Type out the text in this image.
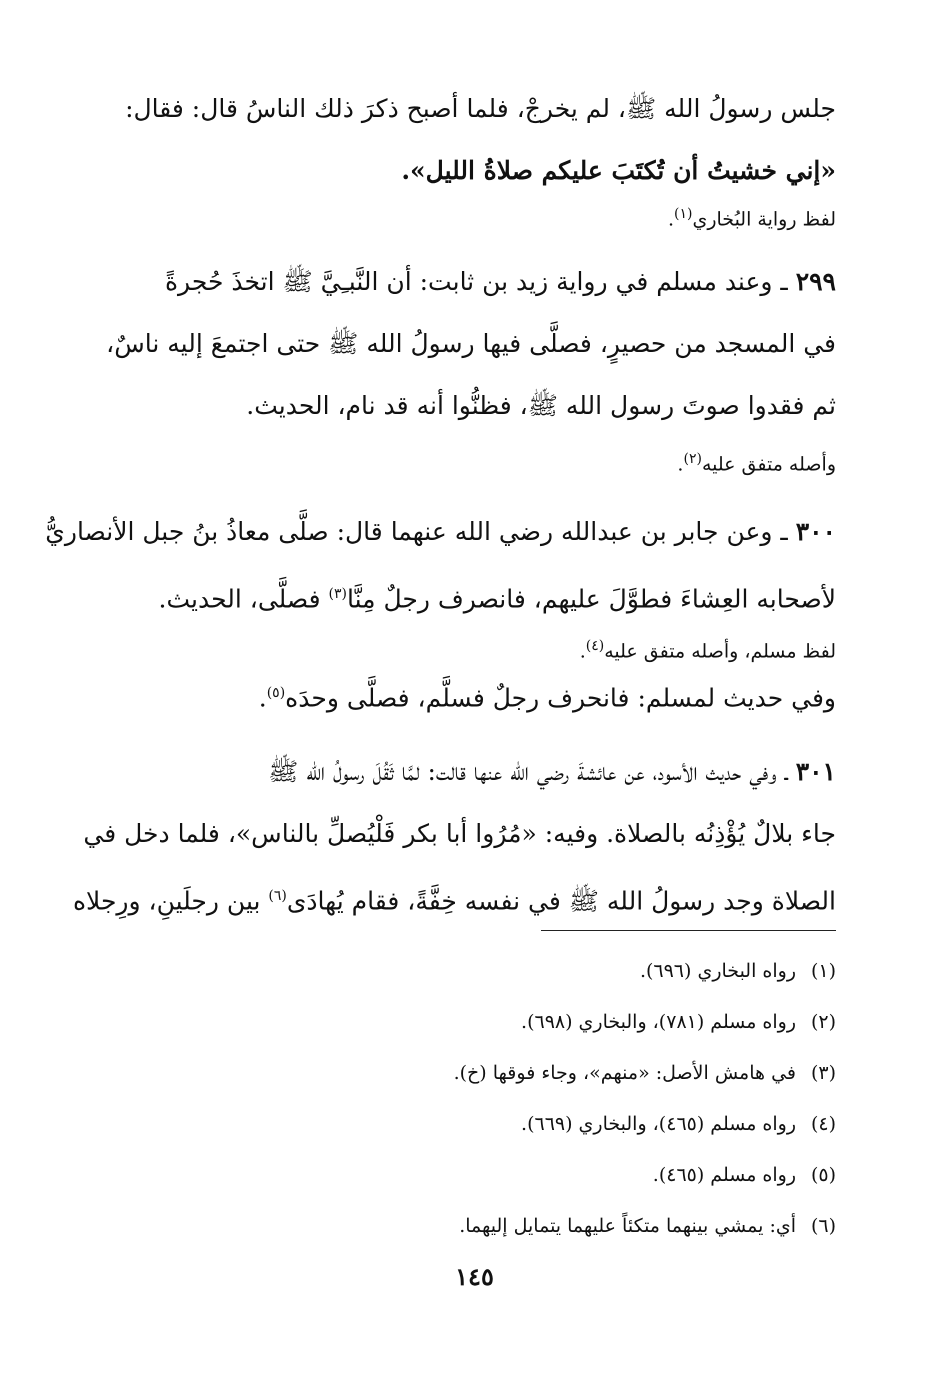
جلس رسولُ الله ﷺ، لم يخرجْ، فلما أصبح ذكرَ ذلك الناسُ قال: فقال:
«إني خشيتُ أن تُكتَبَ عليكم صلاةُ الليل».
لفظ رواية البُخاري$^{(١)}$.
٢٩٩ ـ وعند مسلم في رواية زيد بن ثابت: أن النَّبـِيَّ ﷺ اتخذَ حُجرةً
في المسجد من حصيرٍ، فصلَّى فيها رسولُ الله ﷺ حتى اجتمعَ إليه ناسٌ،
ثم فقدوا صوتَ رسول الله ﷺ، فظنُّوا أنه قد نام، الحديث.
وأصله متفق عليه$^{(٢)}$.
٣٠٠ ـ وعن جابر بن عبدالله رضي الله عنهما قال: صلَّى معاذُ بنُ جبل الأنصاريُّ
لأصحابه العِشاءَ فطوَّلَ عليهم، فانصرف رجلٌ مِنَّا$^{(٣)}$ فصلَّى، الحديث.
لفظ مسلم، وأصله متفق عليه$^{(٤)}$.
وفي حديث لمسلم: فانحرف رجلٌ فسلَّم، فصلَّى وحدَه$^{(٥)}$.
٣٠١ ـ وفي حديث الأسود، عن عائشةَ رضي الله عنها قالت: لمَّا ثَقُلَ رسولُ الله ﷺ
جاء بلالٌ يُؤْذِنُه بالصلاة. وفيه: «مُرُوا أبا بكر فَلْيُصلِّ بالناس»، فلما دخل في
الصلاة وجد رسولُ الله ﷺ في نفسه خِفَّةً، فقام يُهادَى$^{(٦)}$ بين رجلَينِ، ورِجلاه
(١)رواه البخاري (٦٩٦).
(٢)رواه مسلم (٧٨١)، والبخاري (٦٩٨).
(٣)في هامش الأصل: «منهم»، وجاء فوقها (خ).
(٤)رواه مسلم (٤٦٥)، والبخاري (٦٦٩).
(٥)رواه مسلم (٤٦٥).
(٦)أي: يمشي بينهما متكئاً عليهما يتمايل إليهما.
١٤٥
